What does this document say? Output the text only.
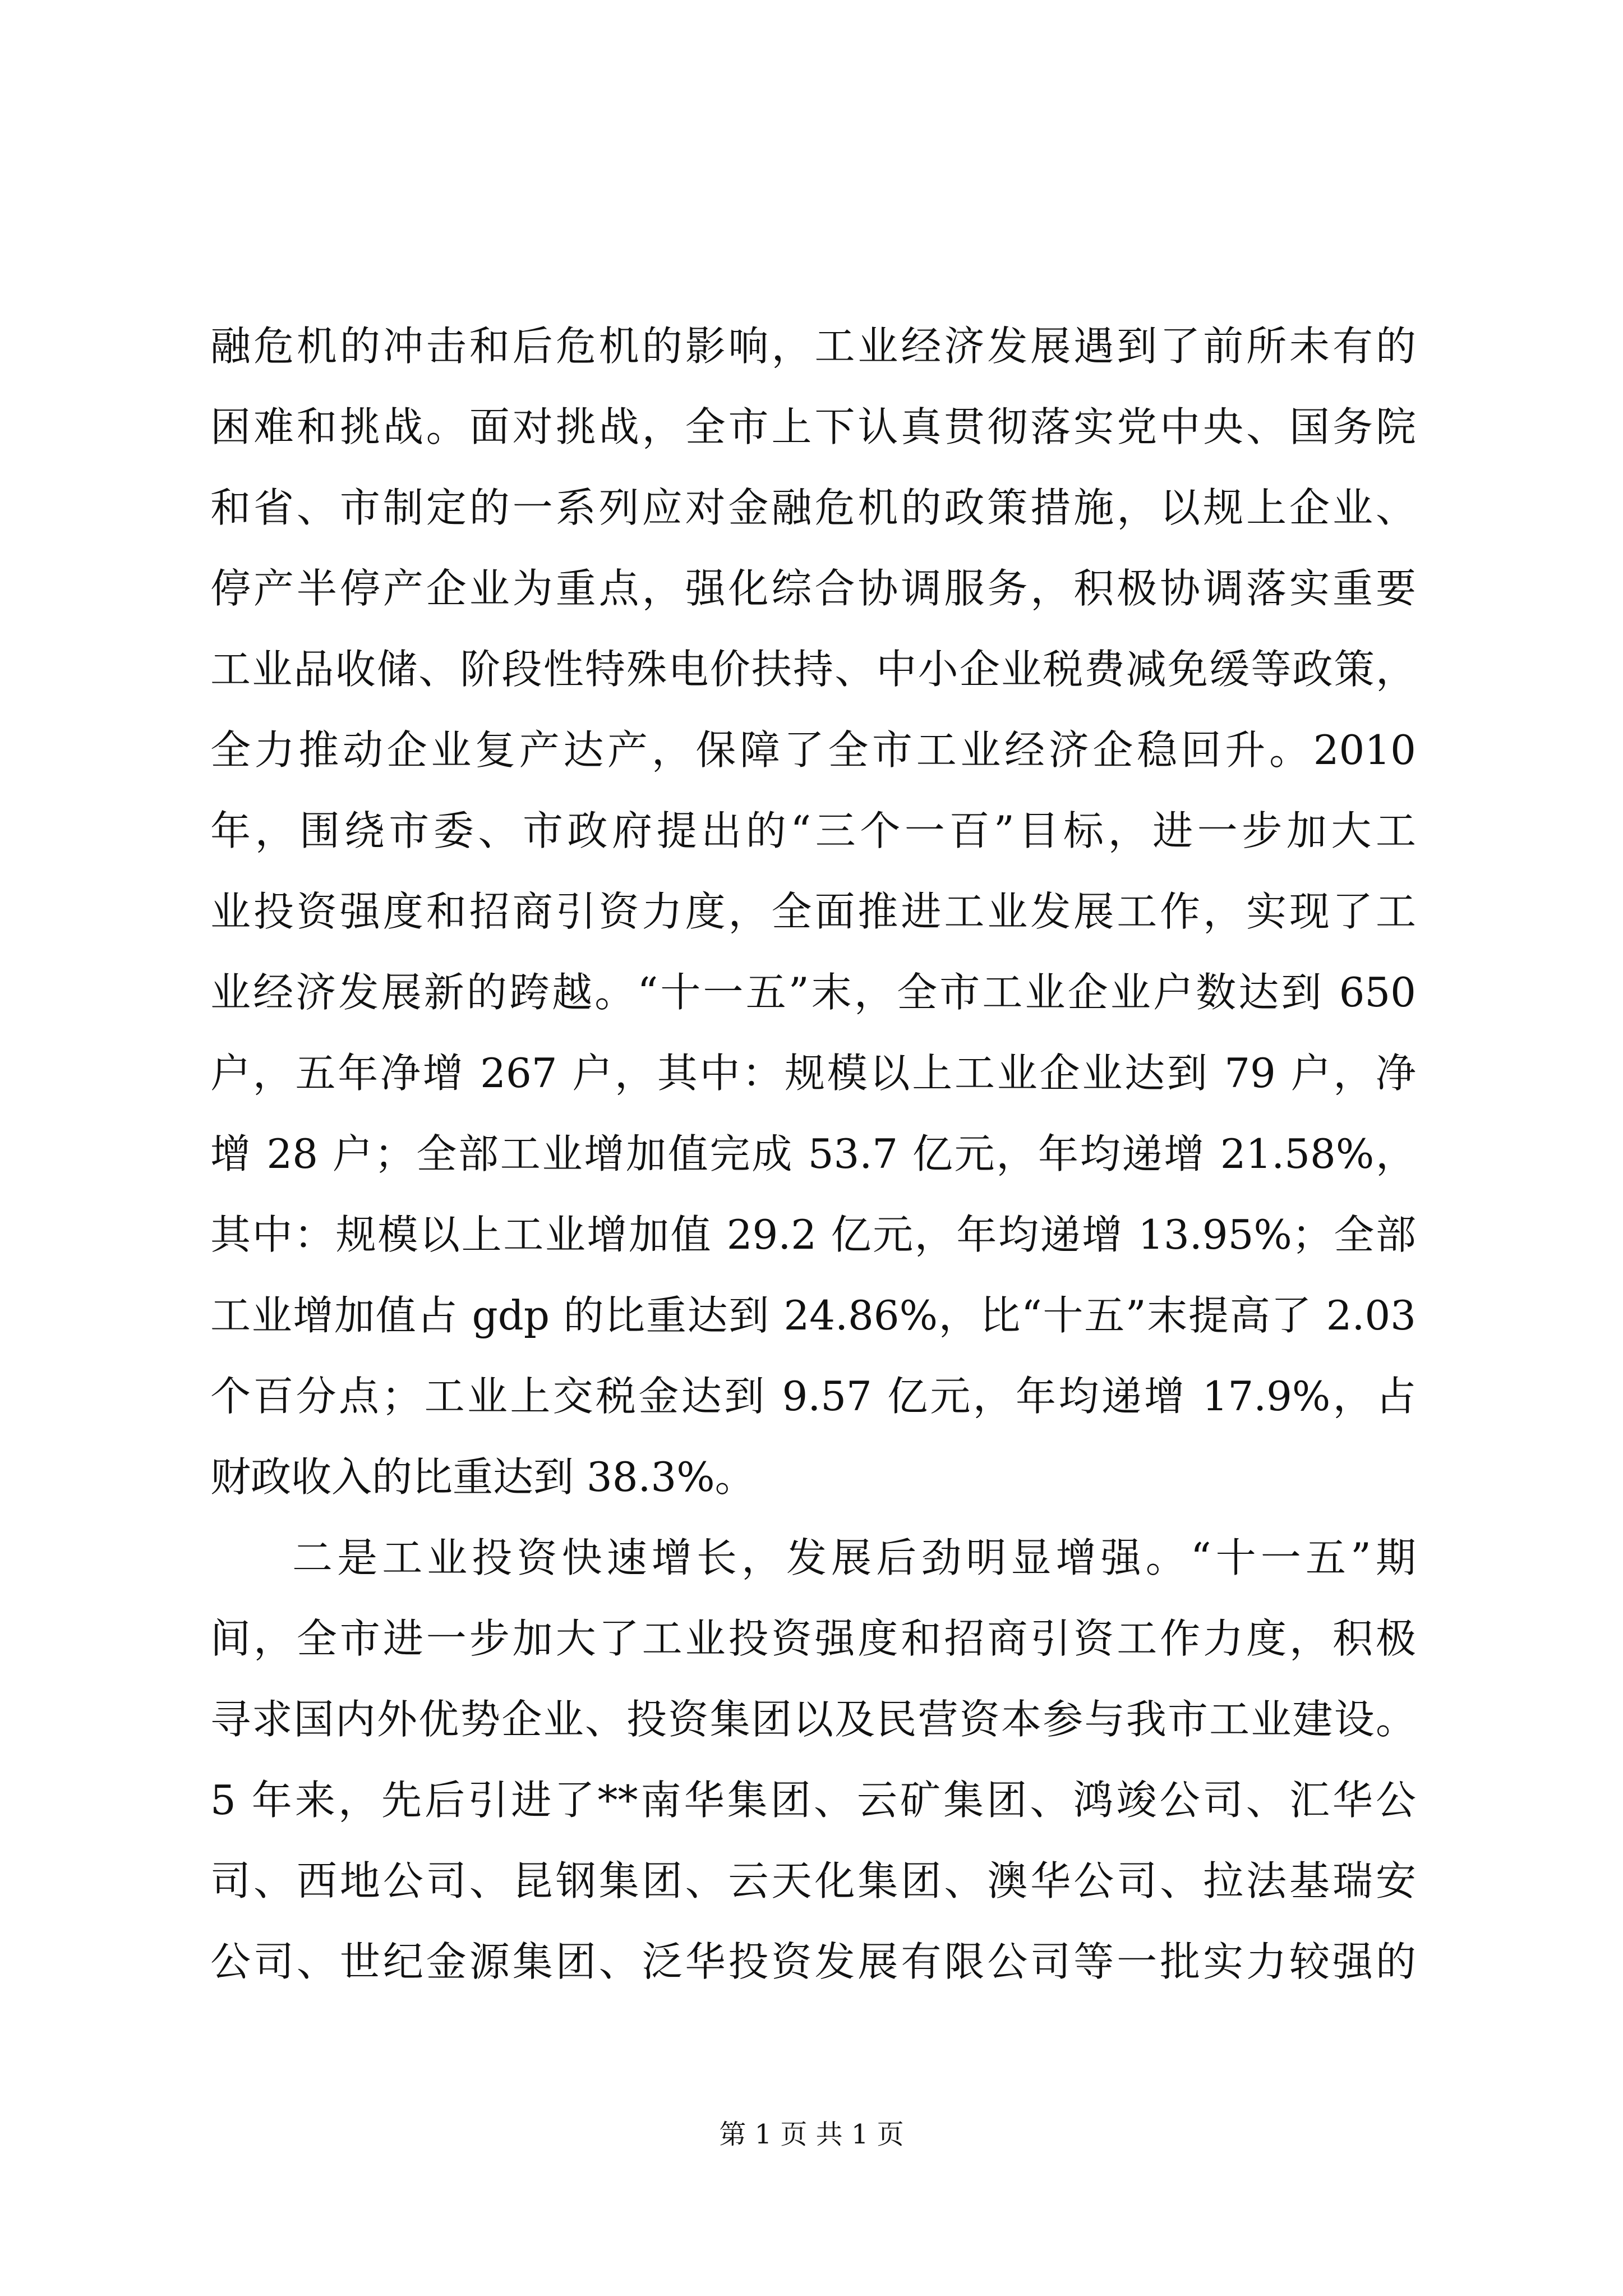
融危机的冲击和后危机的影响，工业经济发展遇到了前所未有的
困难和挑战。面对挑战，全市上下认真贯彻落实党中央、国务院
和省、市制定的一系列应对金融危机的政策措施，以规上企业、
停产半停产企业为重点，强化综合协调服务，积极协调落实重要
工业品收储、阶段性特殊电价扶持、中小企业税费减免缓等政策，
全力推动企业复产达产，保障了全市工业经济企稳回升。2010
年，围绕市委、市政府提出的“三个一百”目标，进一步加大工
业投资强度和招商引资力度，全面推进工业发展工作，实现了工
业经济发展新的跨越。“十一五”末，全市工业企业户数达到 650
户，五年净增 267 户，其中：规模以上工业企业达到 79 户，净
增 28 户；全部工业增加值完成 53.7 亿元，年均递增 21.58%，
其中：规模以上工业增加值 29.2 亿元，年均递增 13.95%；全部
工业增加值占 gdp 的比重达到 24.86%，比“十五”末提高了 2.03
个百分点；工业上交税金达到 9.57 亿元，年均递增 17.9%，占
财政收入的比重达到 38.3%。
二是工业投资快速增长，发展后劲明显增强。“十一五”期
间，全市进一步加大了工业投资强度和招商引资工作力度，积极
寻求国内外优势企业、投资集团以及民营资本参与我市工业建设。
5 年来，先后引进了**南华集团、云矿集团、鸿竣公司、汇华公
司、西地公司、昆钢集团、云天化集团、澳华公司、拉法基瑞安
公司、世纪金源集团、泛华投资发展有限公司等一批实力较强的
第 1 页 共 1 页
